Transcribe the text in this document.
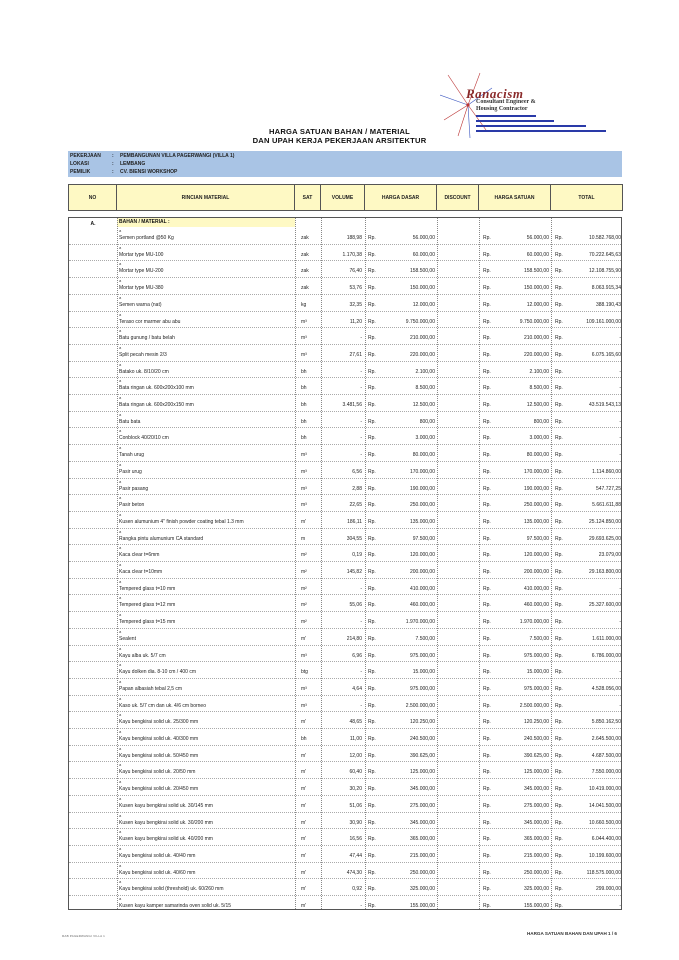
Ranacism
Consultant Engineer &
Housing Contractor
HARGA SATUAN BAHAN / MATERIAL
DAN UPAH KERJA PEKERJAAN ARSITEKTUR
PEKERJAAN : PEMBANGUNAN VILLA PAGERWANGI (VILLA 1)
LOKASI	: LEMBANG
PEMILIK	: CV. BIENSI WORKSHOP
NO	RINCIAN MATERIAL	SAT	VOLUME	HARGA DASAR	DISCOUNT	HARGA SATUAN	TOTAL
A.	BAHAN / MATERIAL :
a
Semen portland @50 Kg	zak	188,98 Rp.	56.000,00	Rp.	56.000,00 Rp.	10.582.768,00
a
Mortar type MU-100	zak	1.170,38 Rp.	60.000,00	Rp.	60.000,00 Rp.	70.222.645,63
a
Mortar type MU-200	zak	76,40 Rp.	158.500,00	Rp.	158.500,00 Rp.	12.108.755,90
a
Mortar type MU-380	zak	53,76 Rp.	150.000,00	Rp.	150.000,00 Rp.	8.063.915,34
a
Semen warna (nat)	kg	32,35 Rp.	12.000,00	Rp.	12.000,00 Rp.	388.190,43
a
Teraso cor marmer abu abu	m³	11,20 Rp.	9.750.000,00	Rp.	9.750.000,00 Rp.	109.161.000,00
a
Batu gunung / batu belah	m³	- Rp.	210.000,00	Rp.	210.000,00 Rp.	-
a
Split pecah mesin 2/3	m³	27,61 Rp.	220.000,00	Rp.	220.000,00 Rp.	6.075.165,60
a
Batako uk. 8/10/20 cm	bh	- Rp.	2.100,00	Rp.	2.100,00 Rp.	-
a
Bata ringan uk. 600x200x100 mm	bh	- Rp.	8.500,00	Rp.	8.500,00 Rp.	-
a
Bata ringan uk. 600x200x150 mm	bh	3.481,56 Rp.	12.500,00	Rp.	12.500,00 Rp.	43.519.543,13
a
Batu bata	bh	- Rp.	800,00	Rp.	800,00 Rp.	-
a
Conblock 40/20/10 cm	bh	- Rp.	3.000,00	Rp.	3.000,00 Rp.	-
a
Tanah urug	m³	- Rp.	80.000,00	Rp.	80.000,00 Rp.	-
a
Pasir urug	m³	6,56 Rp.	170.000,00	Rp.	170.000,00 Rp.	1.114.860,00
a
Pasir pasang	m³	2,88 Rp.	190.000,00	Rp.	190.000,00 Rp.	547.727,25
a
Pasir beton	m³	22,65 Rp.	250.000,00	Rp.	250.000,00 Rp.	5.661.611,88
a
Kusen alumunium 4" finish powder coating tebal 1.3 mm	m'	186,11 Rp.	135.000,00	Rp.	135.000,00 Rp.	25.124.850,00
a
Rangka pintu alumunium CA standard	m	304,55 Rp.	97.500,00	Rp.	97.500,00 Rp.	29.693.625,00
a
Kaca clear t=6mm	m²	0,19 Rp.	120.000,00	Rp.	120.000,00 Rp.	23.079,00
a
Kaca clear t=10mm	m²	145,82 Rp.	200.000,00	Rp.	200.000,00 Rp.	29.163.800,00
a
Tempered glass t=10 mm	m²	- Rp.	410.000,00	Rp.	410.000,00 Rp.	-
a
Tempered glass t=12 mm	m²	55,06 Rp.	460.000,00	Rp.	460.000,00 Rp.	25.327.600,00
a
Tempered glass t=15 mm	m²	- Rp.	1.970.000,00	Rp.	1.970.000,00 Rp.	-
a
Sealent	m'	214,80 Rp.	7.500,00	Rp.	7.500,00 Rp.	1.611.000,00
a
Kayu alba uk. 5/7 cm	m³	6,96 Rp.	975.000,00	Rp.	975.000,00 Rp.	6.786.000,00
a
Kayu dolken dia. 8-10 cm / 400 cm	btg	- Rp.	15.000,00	Rp.	15.000,00 Rp.	-
a
Papan albasiah tebal 2,5 cm	m³	4,64 Rp.	975.000,00	Rp.	975.000,00 Rp.	4.528.056,00
a
Kaso uk. 5/7 cm dan uk. 4/6 cm borneo	m³	- Rp.	2.500.000,00	Rp.	2.500.000,00 Rp.	-
a
Kayu bengkirai solid uk. 25/300 mm	m'	48,65 Rp.	120.250,00	Rp.	120.250,00 Rp.	5.850.162,50
a
Kayu bengkirai solid uk. 40/300 mm	bh	11,00 Rp.	240.500,00	Rp.	240.500,00 Rp.	2.645.500,00
a
Kayu bengkirai solid uk. 50/450 mm	m'	12,00 Rp.	390.625,00	Rp.	390.625,00 Rp.	4.687.500,00
a
Kayu bengkirai solid uk. 20/50 mm	m'	60,40 Rp.	125.000,00	Rp.	125.000,00 Rp.	7.550.000,00
a
Kayu bengkirai solid uk. 20/450 mm	m'	30,20 Rp.	345.000,00	Rp.	345.000,00 Rp.	10.419.000,00
a
Kusen kayu bengkirai solid uk. 30/145 mm	m'	51,06 Rp.	275.000,00	Rp.	275.000,00 Rp.	14.041.500,00
a
Kusen kayu bengkirai solid uk. 30/200 mm	m'	30,90 Rp.	345.000,00	Rp.	345.000,00 Rp.	10.660.500,00
a
Kusen kayu bengkirai solid uk. 40/200 mm	m'	16,56 Rp.	365.000,00	Rp.	365.000,00 Rp.	6.044.400,00
a
Kayu bengkirai solid uk. 40/40 mm	m'	47,44 Rp.	215.000,00	Rp.	215.000,00 Rp.	10.199.600,00
a
Kayu bengkirai solid uk. 40/60 mm	m'	474,30 Rp.	250.000,00	Rp.	250.000,00 Rp.	118.575.000,00
a
Kayu bengkirai solid (threshold) uk. 60/260 mm	m'	0,92 Rp.	325.000,00	Rp.	325.000,00 Rp.	299.000,00
a
Kusen kayu kamper samarinda oven solid uk. 5/15	m'	- Rp.	155.000,00	Rp.	155.000,00 Rp.	-
RAB PAGERWANGI VILLA 1	HARGA SATUAN BAHAN DAN UPAH 1 / 6
